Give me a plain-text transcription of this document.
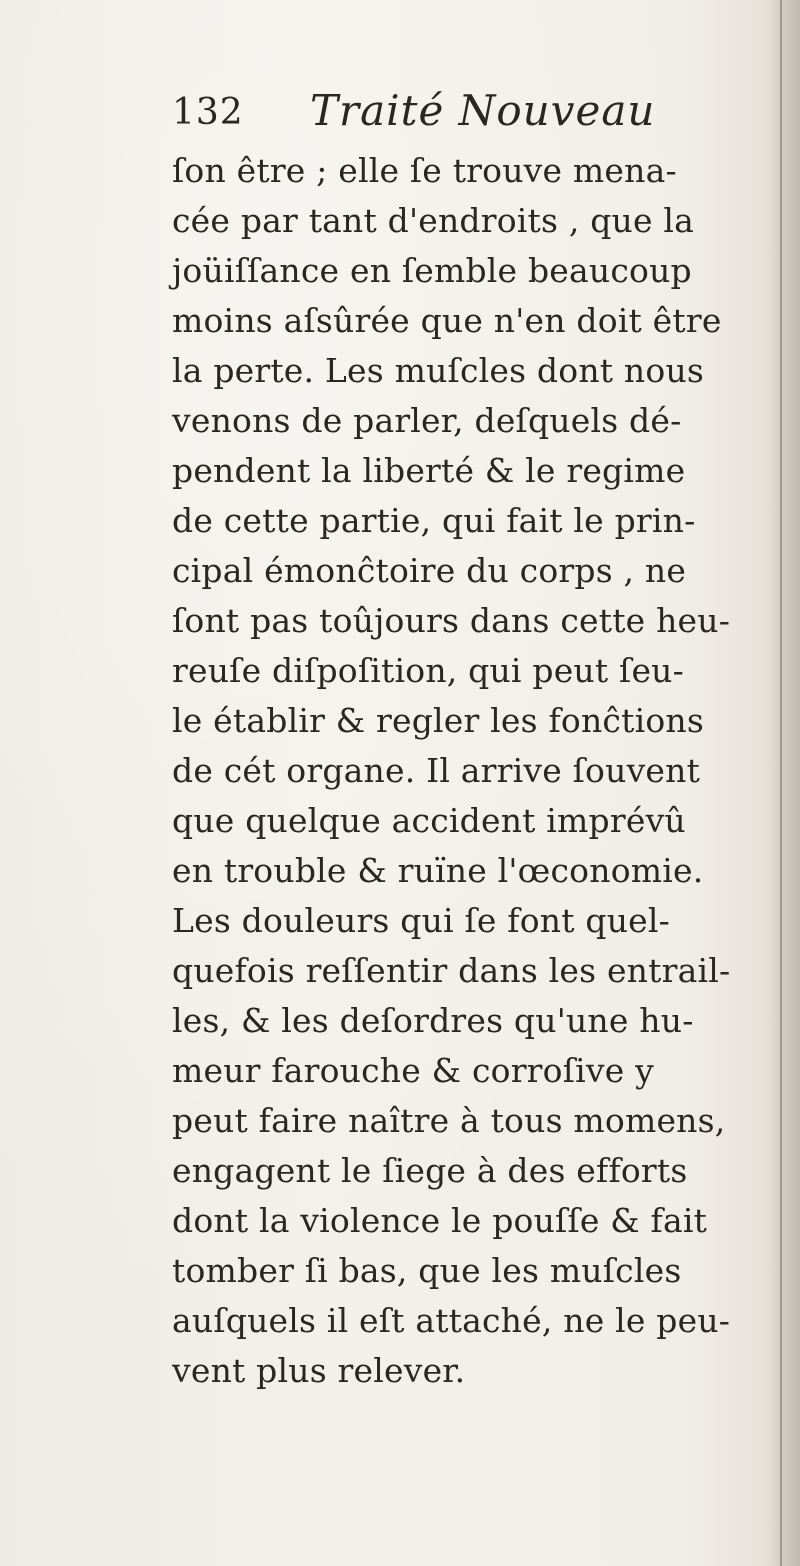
132 Traité Nouveau
ſon être ; elle ſe trouve mena-
cée par tant d'endroits , que la
joüiſſance en ſemble beaucoup
moins aſsûrée que n'en doit être
la perte. Les muſcles dont nous
venons de parler, deſquels dé-
pendent la liberté & le regime
de cette partie, qui fait le prin-
cipal émonĉtoire du corps , ne
ſont pas toûjours dans cette heu-
reuſe diſpoſition, qui peut ſeu-
le établir & regler les fonĉtions
de cét organe. Il arrive ſouvent
que quelque accident imprévû
en trouble & ruïne l'œconomie.
Les douleurs qui ſe font quel-
quefois reſſentir dans les entrail-
les, & les deſordres qu'une hu-
meur farouche & corroſive y
peut faire naître à tous momens,
engagent le ſiege à des efforts
dont la violence le pouſſe & fait
tomber ſi bas, que les muſcles
auſquels il eſt attaché, ne le peu-
vent plus relever.
